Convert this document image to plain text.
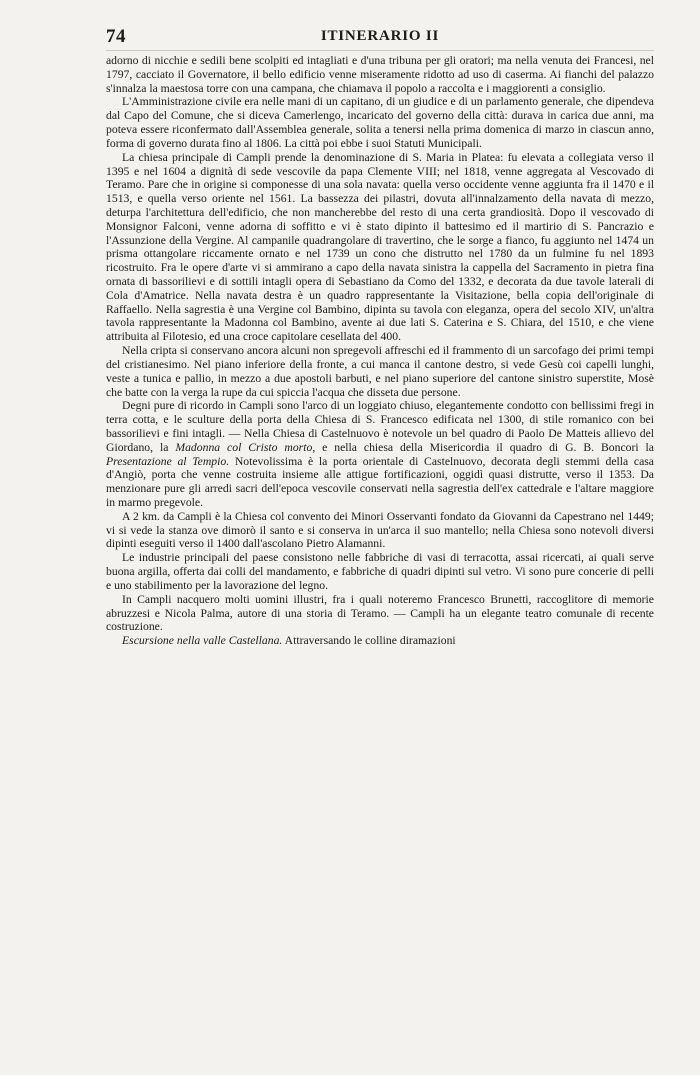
74	ITINERARIO II

adorno di nicchie e sedili bene scolpiti ed intagliati e d'una tribuna per gli oratori; ma nella venuta dei Francesi, nel 1797, cacciato il Governatore, il bello edificio venne miseramente ridotto ad uso di caserma. Ai fianchi del palazzo s'innalza la maestosa torre con una campana, che chiamava il popolo a raccolta e i maggiorenti a consiglio.

L'Amministrazione civile era nelle mani di un capitano, di un giudice e di un parlamento generale, che dipendeva dal Capo del Comune, che si diceva Camerlengo, incaricato del governo della città: durava in carica due anni, ma poteva essere riconfermato dall'Assemblea generale, solita a tenersi nella prima domenica di marzo in ciascun anno, forma di governo durata fino al 1806. La città poi ebbe i suoi Statuti Municipali.

La chiesa principale di Campli prende la denominazione di S. Maria in Platea: fu elevata a collegiata verso il 1395 e nel 1604 a dignità di sede vescovile da papa Clemente VIII; nel 1818, venne aggregata al Vescovado di Teramo. Pare che in origine si componesse di una sola navata: quella verso occidente venne aggiunta fra il 1470 e il 1513, e quella verso oriente nel 1561. La bassezza dei pilastri, dovuta all'innalzamento della navata di mezzo, deturpa l'architettura dell'edificio, che non mancherebbe del resto di una certa grandiosità. Dopo il vescovado di Monsignor Falconi, venne adorna di soffitto e vi è stato dipinto il battesimo ed il martirio di S. Pancrazio e l'Assunzione della Vergine. Al campanile quadrangolare di travertino, che le sorge a fianco, fu aggiunto nel 1474 un prisma ottangolare riccamente ornato e nel 1739 un cono che distrutto nel 1780 da un fulmine fu nel 1893 ricostruito. Fra le opere d'arte vi si ammirano a capo della navata sinistra la cappella del Sacramento in pietra fina ornata di bassorilievi e di sottili intagli opera di Sebastiano da Como del 1332, e decorata da due tavole laterali di Cola d'Amatrice. Nella navata destra è un quadro rappresentante la Visitazione, bella copia dell'originale di Raffaello. Nella sagrestia è una Vergine col Bambino, dipinta su tavola con eleganza, opera del secolo XIV, un'altra tavola rappresentante la Madonna col Bambino, avente ai due lati S. Caterina e S. Chiara, del 1510, e che viene attribuita al Filotesio, ed una croce capitolare cesellata del 400.

Nella cripta si conservano ancora alcuni non spregevoli affreschi ed il frammento di un sarcofago dei primi tempi del cristianesimo. Nel piano inferiore della fronte, a cui manca il cantone destro, si vede Gesù coi capelli lunghi, veste a tunica e pallio, in mezzo a due apostoli barbuti, e nel piano superiore del cantone sinistro superstite, Mosè che batte con la verga la rupe da cui spiccia l'acqua che disseta due persone.

Degni pure di ricordo in Campli sono l'arco di un loggiato chiuso, elegantemente condotto con bellissimi fregi in terra cotta, e le sculture della porta della Chiesa di S. Francesco edificata nel 1300, di stile romanico con bei bassorilievi e fini intagli. — Nella Chiesa di Castelnuovo è notevole un bel quadro di Paolo De Matteis allievo del Giordano, la Madonna col Cristo morto, e nella chiesa della Misericordia il quadro di G. B. Boncori la Presentazione al Tempio. Notevolissima è la porta orientale di Castelnuovo, decorata degli stemmi della casa d'Angiò, porta che venne costruita insieme alle attigue fortificazioni, oggidì quasi distrutte, verso il 1353. Da menzionare pure gli arredi sacri dell'epoca vescovile conservati nella sagrestia dell'ex cattedrale e l'altare maggiore in marmo pregevole.

A 2 km. da Campli è la Chiesa col convento dei Minori Osservanti fondato da Giovanni da Capestrano nel 1449; vi si vede la stanza ove dimorò il santo e si conserva in un'arca il suo mantello; nella Chiesa sono notevoli diversi dipinti eseguiti verso il 1400 dall'ascolano Pietro Alamanni.

Le industrie principali del paese consistono nelle fabbriche di vasi di terracotta, assai ricercati, ai quali serve buona argilla, offerta dai colli del mandamento, e fabbriche di quadri dipinti sul vetro. Vi sono pure concerie di pelli e uno stabilimento per la lavorazione del legno.

In Campli nacquero molti uomini illustri, fra i quali noteremo Francesco Brunetti, raccoglitore di memorie abruzzesi e Nicola Palma, autore di una storia di Teramo. — Campli ha un elegante teatro comunale di recente costruzione.

Escursione nella valle Castellana. Attraversando le colline diramazioni
